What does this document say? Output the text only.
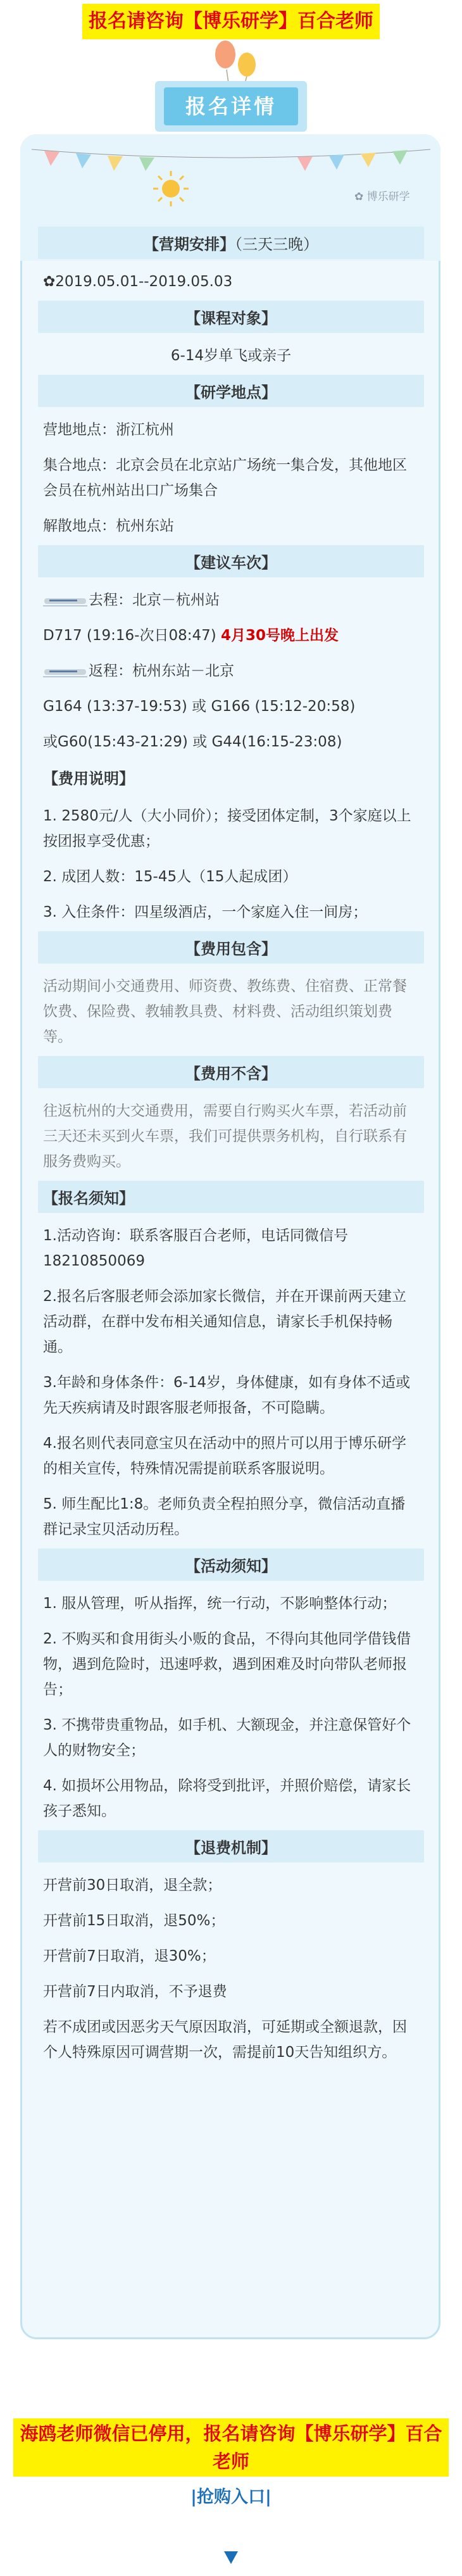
报名请咨询【博乐研学】百合老师
报名详情
✿ 博乐研学
【营期安排】（三天三晚）
✿2019.05.01--2019.05.03
【课程对象】
6-14岁单飞或亲子
【研学地点】
营地地点：浙江杭州
集合地点：北京会员在北京站广场统一集合发，其他地区会员在杭州站出口广场集合
解散地点：杭州东站
【建议车次】
去程：北京－杭州站
D717 (19:16-次日08:47) 4月30号晚上出发
返程：杭州东站－北京
G164 (13:37-19:53) 或 G166 (15:12-20:58)
或G60(15:43-21:29) 或 G44(16:15-23:08)
【费用说明】
1. 2580元/人（大小同价）；接受团体定制，3个家庭以上按团报享受优惠；
2. 成团人数：15-45人（15人起成团）
3. 入住条件：四星级酒店，一个家庭入住一间房；
【费用包含】
活动期间小交通费用、师资费、教练费、住宿费、正常餐饮费、保险费、教辅教具费、材料费、活动组织策划费等。
【费用不含】
往返杭州的大交通费用，需要自行购买火车票，若活动前三天还未买到火车票，我们可提供票务机构，自行联系有服务费购买。
【报名须知】
1.活动咨询：联系客服百合老师，电话同微信号18210850069
2.报名后客服老师会添加家长微信，并在开课前两天建立活动群，在群中发布相关通知信息，请家长手机保持畅通。
3.年龄和身体条件：6-14岁，身体健康，如有身体不适或先天疾病请及时跟客服老师报备，不可隐瞒。
4.报名则代表同意宝贝在活动中的照片可以用于博乐研学的相关宣传，特殊情况需提前联系客服说明。
5. 师生配比1:8。老师负责全程拍照分享，微信活动直播群记录宝贝活动历程。
【活动须知】
1. 服从管理，听从指挥，统一行动，不影响整体行动；
2. 不购买和食用街头小贩的食品，不得向其他同学借钱借物，遇到危险时，迅速呼救，遇到困难及时向带队老师报告；
3. 不携带贵重物品，如手机、大额现金，并注意保管好个人的财物安全；
4. 如损坏公用物品，除将受到批评，并照价赔偿，请家长孩子悉知。
【退费机制】
开营前30日取消，退全款；
开营前15日取消，退50%；
开营前7日取消，退30%；
开营前7日内取消，不予退费
若不成团或因恶劣天气原因取消，可延期或全额退款，因个人特殊原因可调营期一次，需提前10天告知组织方。
海鸥老师微信已停用，报名请咨询【博乐研学】百合
老师
|抢购入口|
